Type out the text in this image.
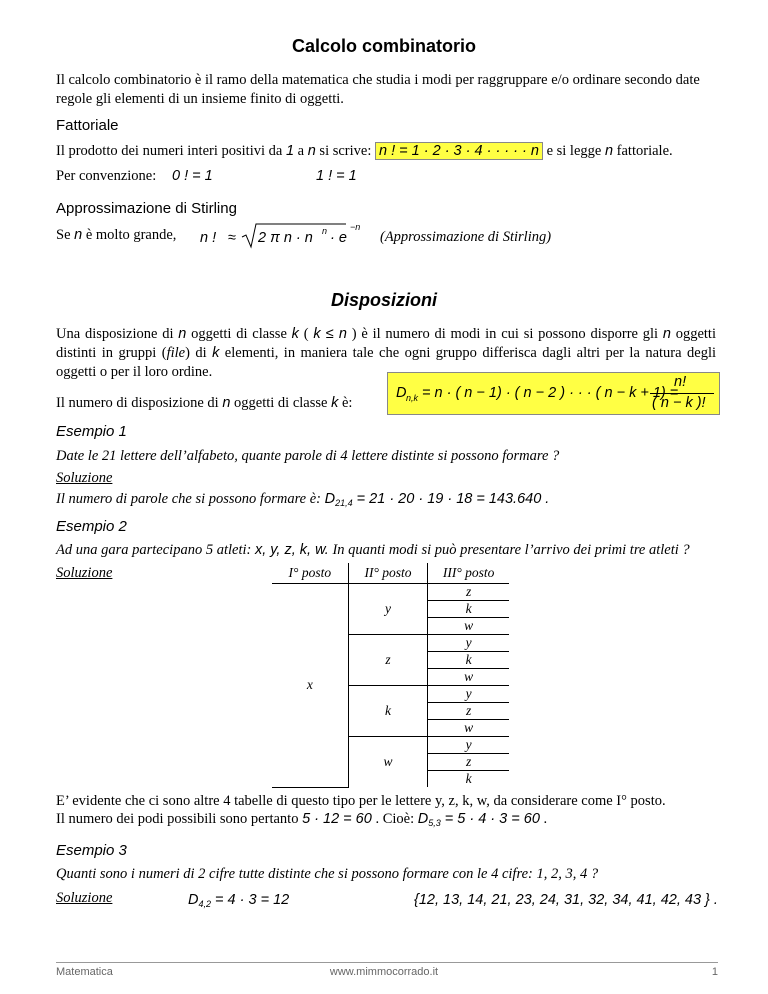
Calcolo combinatorio
Il calcolo combinatorio è il ramo della matematica che studia i modi per raggruppare e/o ordinare secondo date regole gli elementi di un insieme finito di oggetti.
Fattoriale
Il prodotto dei numeri interi positivi da 1 a n si scrive: n ! = 1 · 2 · 3 · 4 · · · · · n e si legge n fattoriale.
Per convenzione: 0 ! = 1	1 ! = 1
Approssimazione di Stirling
Se n è molto grande, n ! ≈ 2 π n · n n · e
−n
(Approssimazione di Stirling)
Disposizioni
Una disposizione di n oggetti di classe k ( k ≤ n ) è il numero di modi in cui si possono disporre gli n oggetti distinti in gruppi (file) di k elementi, in maniera tale che ogni gruppo differisca dagli altri per la natura degli oggetti o per il loro ordine.
Il numero di disposizione di n oggetti di classe k è:
D n,k = n · ( n − 1) · ( n − 2 ) · · · ( n − k + 1) =
n!
( n − k )!
Esempio 1
Date le 21 lettere dell’alfabeto, quante parole di 4 lettere distinte si possono formare ?
Soluzione
Il numero di parole che si possono formare è: $D_{21,4} = 21 \cdot 20 \cdot 19 \cdot 18 = 143.640$ .
Esempio 2
Ad una gara partecipano 5 atleti: x, y, z, k, w. In quanti modi si può presentare l’arrivo dei primi tre atleti ?
Soluzione	I° posto	II° posto	III° posto
x	y	z
		k
		w
	z	y
		k
		w
	k	y
		z
		w
	w	y
		z
		k
E’ evidente che ci sono altre 4 tabelle di questo tipo per le lettere y, z, k, w, da considerare come I° posto.
Il numero dei podi possibili sono pertanto 5 · 12 = 60 . Cioè: $D_{5,3} = 5 \cdot 4 \cdot 3 = 60$ .
Esempio 3
Quanti sono i numeri di 2 cifre tutte distinte che si possono formare con le 4 cifre: 1, 2, 3, 4 ?
Soluzione	$D_{4,2} = 4 \cdot 3 = 12$	{12, 13, 14, 21, 23, 24, 31, 32, 34, 41, 42, 43 } .
Matematica	www.mimmocorrado.it	1
